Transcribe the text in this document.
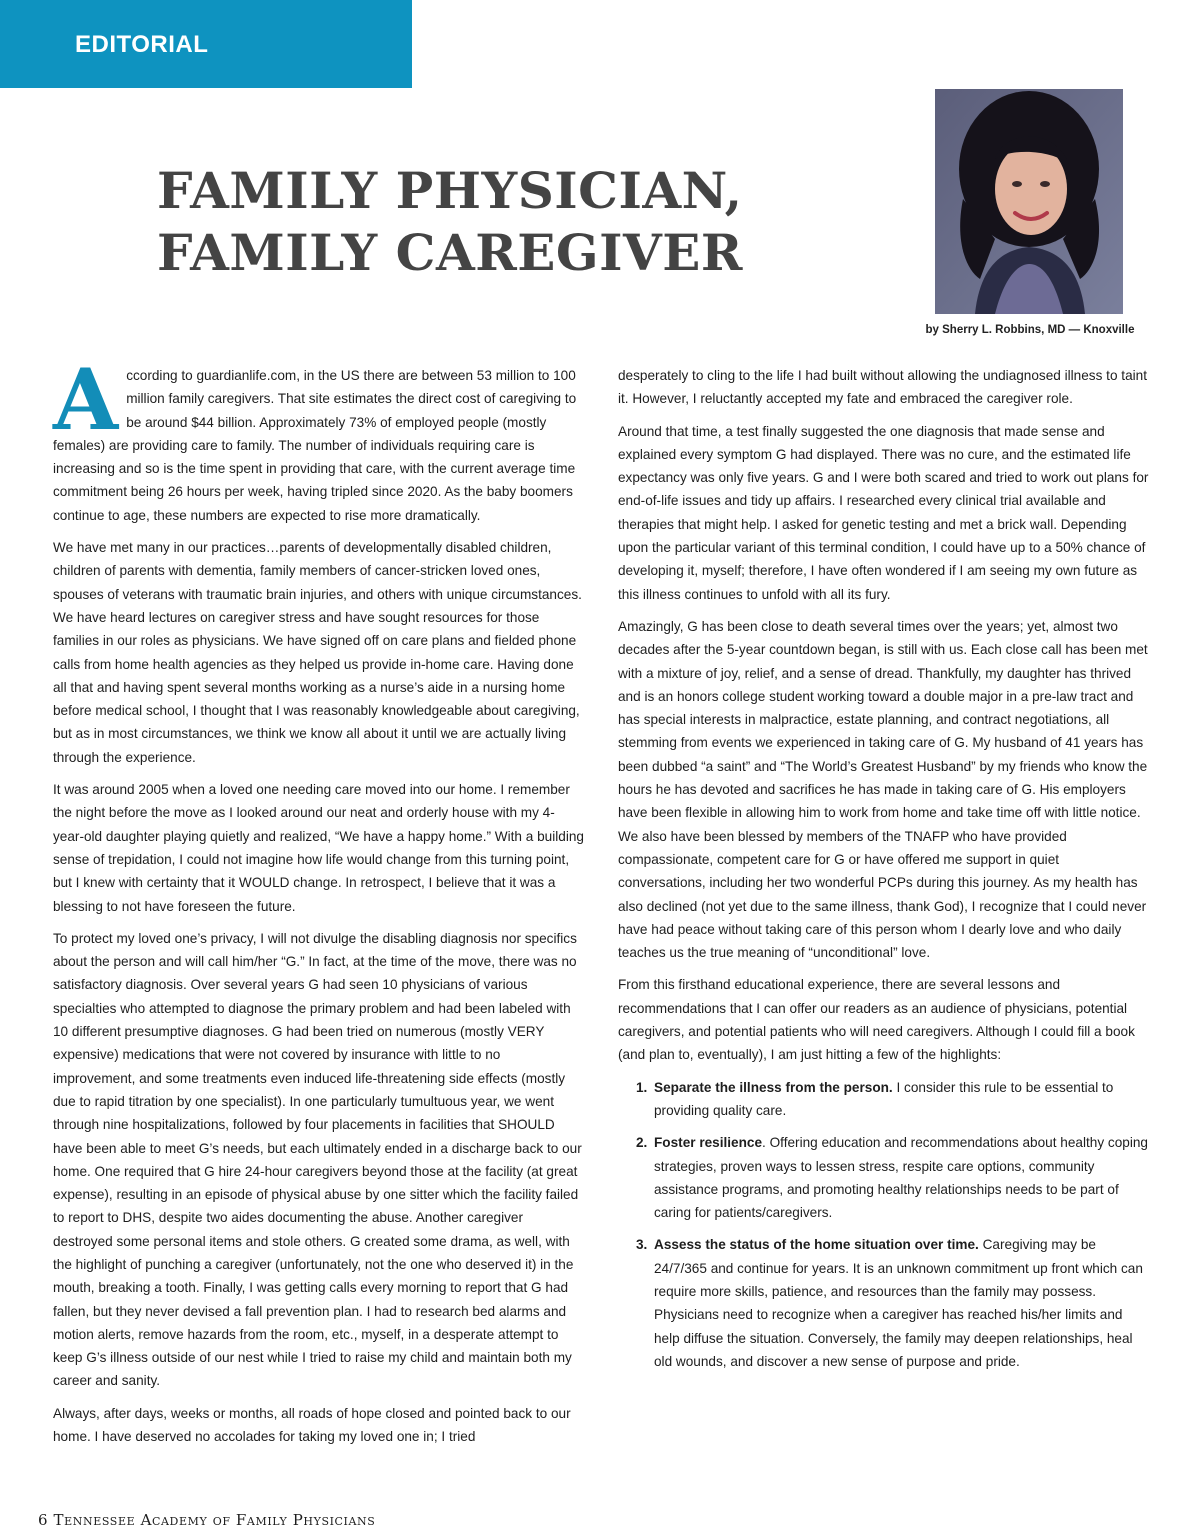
EDITORIAL
FAMILY PHYSICIAN,
FAMILY CAREGIVER
by Sherry L. Robbins, MD — Knoxville

According to guardianlife.com, in the US there are between 53 million to 100 million family caregivers. That site estimates the direct cost of caregiving to be around $44 billion. Approximately 73% of employed people (mostly females) are providing care to family. The number of individuals requiring care is increasing and so is the time spent in providing that care, with the current average time commitment being 26 hours per week, having tripled since 2020. As the baby boomers continue to age, these numbers are expected to rise more dramatically.

We have met many in our practices…parents of developmentally disabled children, children of parents with dementia, family members of cancer-stricken loved ones, spouses of veterans with traumatic brain injuries, and others with unique circumstances. We have heard lectures on caregiver stress and have sought resources for those families in our roles as physicians. We have signed off on care plans and fielded phone calls from home health agencies as they helped us provide in-home care. Having done all that and having spent several months working as a nurse’s aide in a nursing home before medical school, I thought that I was reasonably knowledgeable about caregiving, but as in most circumstances, we think we know all about it until we are actually living through the experience.

It was around 2005 when a loved one needing care moved into our home. I remember the night before the move as I looked around our neat and orderly house with my 4-year-old daughter playing quietly and realized, “We have a happy home.” With a building sense of trepidation, I could not imagine how life would change from this turning point, but I knew with certainty that it WOULD change. In retrospect, I believe that it was a blessing to not have foreseen the future.

To protect my loved one’s privacy, I will not divulge the disabling diagnosis nor specifics about the person and will call him/her “G.” In fact, at the time of the move, there was no satisfactory diagnosis. Over several years G had seen 10 physicians of various specialties who attempted to diagnose the primary problem and had been labeled with 10 different presumptive diagnoses. G had been tried on numerous (mostly VERY expensive) medications that were not covered by insurance with little to no improvement, and some treatments even induced life-threatening side effects (mostly due to rapid titration by one specialist). In one particularly tumultuous year, we went through nine hospitalizations, followed by four placements in facilities that SHOULD have been able to meet G’s needs, but each ultimately ended in a discharge back to our home. One required that G hire 24-hour caregivers beyond those at the facility (at great expense), resulting in an episode of physical abuse by one sitter which the facility failed to report to DHS, despite two aides documenting the abuse. Another caregiver destroyed some personal items and stole others. G created some drama, as well, with the highlight of punching a caregiver (unfortunately, not the one who deserved it) in the mouth, breaking a tooth. Finally, I was getting calls every morning to report that G had fallen, but they never devised a fall prevention plan. I had to research bed alarms and motion alerts, remove hazards from the room, etc., myself, in a desperate attempt to keep G’s illness outside of our nest while I tried to raise my child and maintain both my career and sanity.

Always, after days, weeks or months, all roads of hope closed and pointed back to our home. I have deserved no accolades for taking my loved one in; I tried

desperately to cling to the life I had built without allowing the undiagnosed illness to taint it. However, I reluctantly accepted my fate and embraced the caregiver role.

Around that time, a test finally suggested the one diagnosis that made sense and explained every symptom G had displayed. There was no cure, and the estimated life expectancy was only five years. G and I were both scared and tried to work out plans for end-of-life issues and tidy up affairs. I researched every clinical trial available and therapies that might help. I asked for genetic testing and met a brick wall. Depending upon the particular variant of this terminal condition, I could have up to a 50% chance of developing it, myself; therefore, I have often wondered if I am seeing my own future as this illness continues to unfold with all its fury.

Amazingly, G has been close to death several times over the years; yet, almost two decades after the 5-year countdown began, is still with us. Each close call has been met with a mixture of joy, relief, and a sense of dread. Thankfully, my daughter has thrived and is an honors college student working toward a double major in a pre-law tract and has special interests in malpractice, estate planning, and contract negotiations, all stemming from events we experienced in taking care of G. My husband of 41 years has been dubbed “a saint” and “The World’s Greatest Husband” by my friends who know the hours he has devoted and sacrifices he has made in taking care of G. His employers have been flexible in allowing him to work from home and take time off with little notice. We also have been blessed by members of the TNAFP who have provided compassionate, competent care for G or have offered me support in quiet conversations, including her two wonderful PCPs during this journey. As my health has also declined (not yet due to the same illness, thank God), I recognize that I could never have had peace without taking care of this person whom I dearly love and who daily teaches us the true meaning of “unconditional” love.

From this firsthand educational experience, there are several lessons and recommendations that I can offer our readers as an audience of physicians, potential caregivers, and potential patients who will need caregivers. Although I could fill a book (and plan to, eventually), I am just hitting a few of the highlights:

1. Separate the illness from the person. I consider this rule to be essential to providing quality care.
2. Foster resilience. Offering education and recommendations about healthy coping strategies, proven ways to lessen stress, respite care options, community assistance programs, and promoting healthy relationships needs to be part of caring for patients/caregivers.
3. Assess the status of the home situation over time. Caregiving may be 24/7/365 and continue for years. It is an unknown commitment up front which can require more skills, patience, and resources than the family may possess. Physicians need to recognize when a caregiver has reached his/her limits and help diffuse the situation. Conversely, the family may deepen relationships, heal old wounds, and discover a new sense of purpose and pride.
6 Tennessee Academy of Family Physicians
